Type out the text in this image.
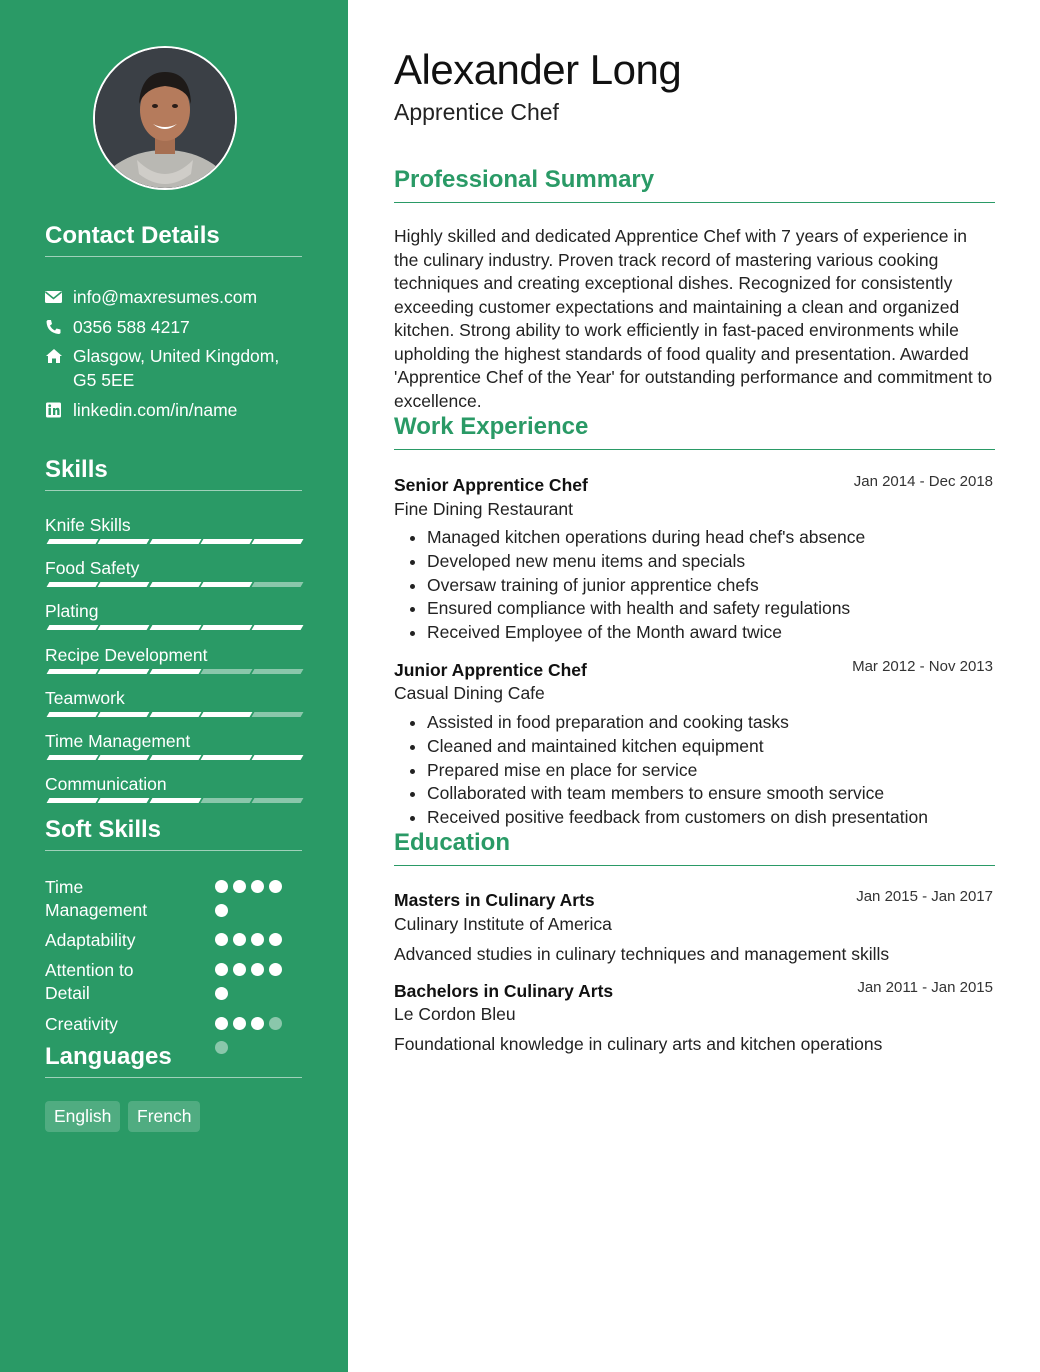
Contact Details
info@maxresumes.com
0356 588 4217
Glasgow, United Kingdom, G5 5EE
linkedin.com/in/name
Skills
Knife Skills
Food Safety
Plating
Recipe Development
Teamwork
Time Management
Communication
Soft Skills
Time Management
Adaptability
Attention to Detail
Creativity
Languages
English	French
Alexander Long
Apprentice Chef
Professional Summary
Highly skilled and dedicated Apprentice Chef with 7 years of experience in the culinary industry. Proven track record of mastering various cooking techniques and creating exceptional dishes. Recognized for consistently exceeding customer expectations and maintaining a clean and organized kitchen. Strong ability to work efficiently in fast-paced environments while upholding the highest standards of food quality and presentation. Awarded 'Apprentice Chef of the Year' for outstanding performance and commitment to excellence.
Work Experience
Senior Apprentice Chef	Jan 2014 - Dec 2018
Fine Dining Restaurant
• Managed kitchen operations during head chef's absence
• Developed new menu items and specials
• Oversaw training of junior apprentice chefs
• Ensured compliance with health and safety regulations
• Received Employee of the Month award twice
Junior Apprentice Chef	Mar 2012 - Nov 2013
Casual Dining Cafe
• Assisted in food preparation and cooking tasks
• Cleaned and maintained kitchen equipment
• Prepared mise en place for service
• Collaborated with team members to ensure smooth service
• Received positive feedback from customers on dish presentation
Education
Masters in Culinary Arts	Jan 2015 - Jan 2017
Culinary Institute of America
Advanced studies in culinary techniques and management skills
Bachelors in Culinary Arts	Jan 2011 - Jan 2015
Le Cordon Bleu
Foundational knowledge in culinary arts and kitchen operations
